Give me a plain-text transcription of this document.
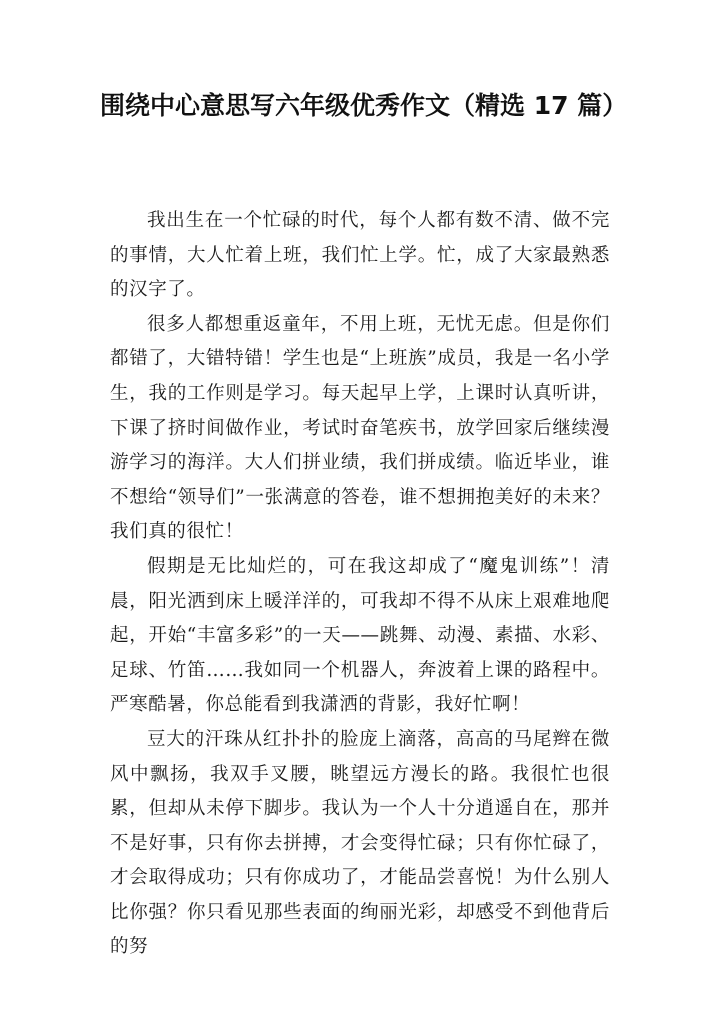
围绕中心意思写六年级优秀作文（精选 17 篇）

我出生在一个忙碌的时代，每个人都有数不清、做不完的事情，大人忙着上班，我们忙上学。忙，成了大家最熟悉的汉字了。

很多人都想重返童年，不用上班，无忧无虑。但是你们都错了，大错特错！学生也是“上班族”成员，我是一名小学生，我的工作则是学习。每天起早上学，上课时认真听讲，下课了挤时间做作业，考试时奋笔疾书，放学回家后继续漫游学习的海洋。大人们拼业绩，我们拼成绩。临近毕业，谁不想给“领导们”一张满意的答卷，谁不想拥抱美好的未来？我们真的很忙！

假期是无比灿烂的，可在我这却成了“魔鬼训练”！清晨，阳光洒到床上暖洋洋的，可我却不得不从床上艰难地爬起，开始“丰富多彩”的一天——跳舞、动漫、素描、水彩、足球、竹笛……我如同一个机器人，奔波着上课的路程中。严寒酷暑，你总能看到我潇洒的背影，我好忙啊！

豆大的汗珠从红扑扑的脸庞上滴落，高高的马尾辫在微风中飘扬，我双手叉腰，眺望远方漫长的路。我很忙也很累，但却从未停下脚步。我认为一个人十分逍遥自在，那并不是好事，只有你去拼搏，才会变得忙碌；只有你忙碌了，才会取得成功；只有你成功了，才能品尝喜悦！为什么别人比你强？你只看见那些表面的绚丽光彩，却感受不到他背后的努
